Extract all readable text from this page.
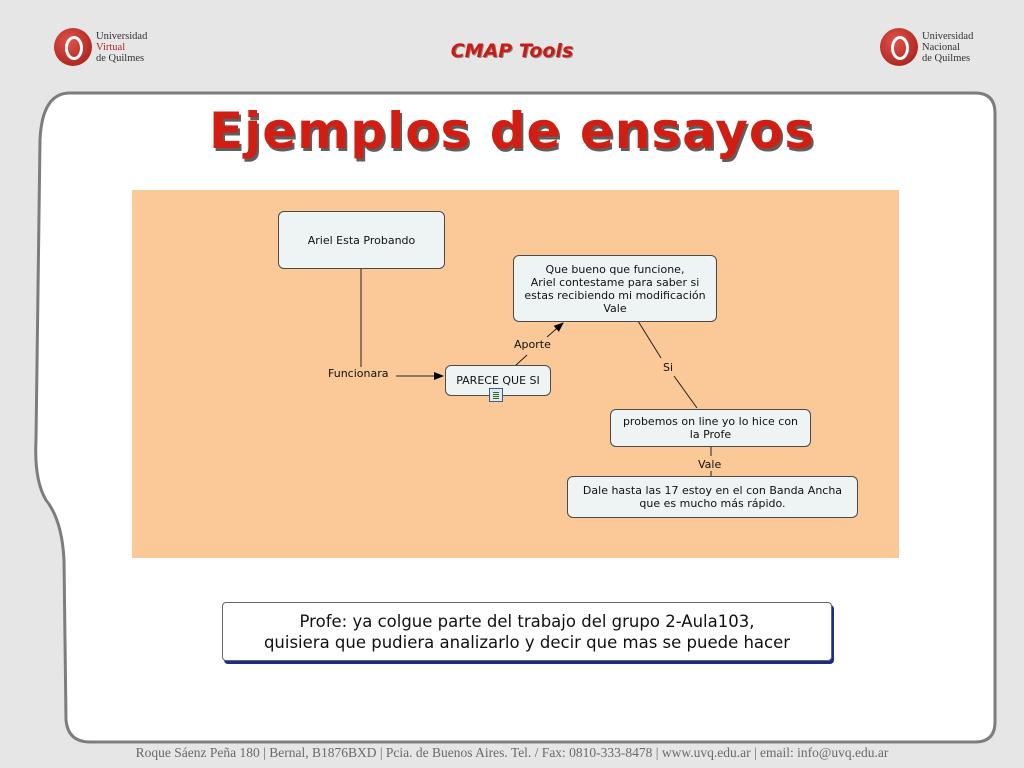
Universidad
Virtual
de Quilmes	CMAP Tools
Universidad
Nacional
de Quilmes
Ejemplos de ensayos
Ariel Esta Probando
Que bueno que funcione,
Ariel contestame para saber si
estas recibiendo mi modificación
Vale
PARECE QUE SI
probemos on line yo lo hice con
la Profe
Dale hasta las 17 estoy en el con Banda Ancha
que es mucho más rápido.
Funcionara
Aporte
Si
Vale
Profe: ya colgue parte del trabajo del grupo 2-Aula103,
quisiera que pudiera analizarlo y decir que mas se puede hacer
Roque Sáenz Peña 180 | Bernal, B1876BXD | Pcia. de Buenos Aires. Tel. / Fax: 0810-333-8478 | www.uvq.edu.ar | email: info@uvq.edu.ar
